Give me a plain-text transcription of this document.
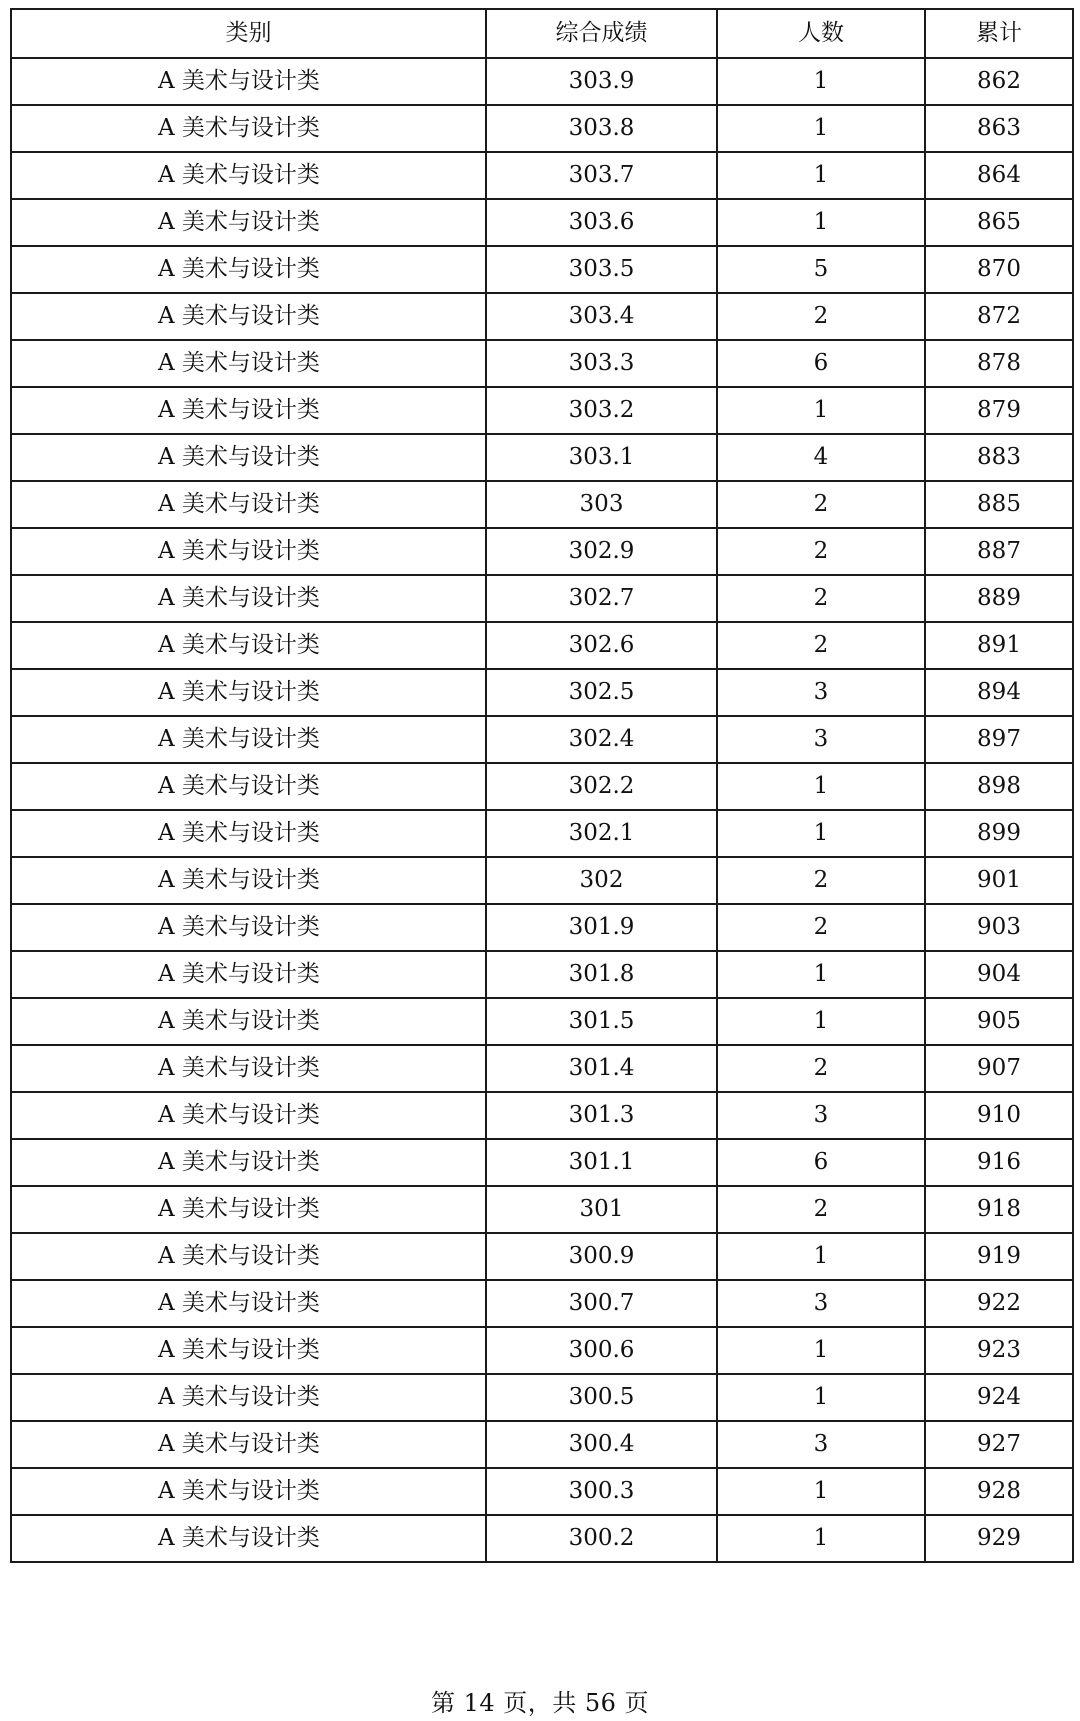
类别	综合成绩	人数	累计
A 美术与设计类	303.9	1	862
A 美术与设计类	303.8	1	863
A 美术与设计类	303.7	1	864
A 美术与设计类	303.6	1	865
A 美术与设计类	303.5	5	870
A 美术与设计类	303.4	2	872
A 美术与设计类	303.3	6	878
A 美术与设计类	303.2	1	879
A 美术与设计类	303.1	4	883
A 美术与设计类	303	2	885
A 美术与设计类	302.9	2	887
A 美术与设计类	302.7	2	889
A 美术与设计类	302.6	2	891
A 美术与设计类	302.5	3	894
A 美术与设计类	302.4	3	897
A 美术与设计类	302.2	1	898
A 美术与设计类	302.1	1	899
A 美术与设计类	302	2	901
A 美术与设计类	301.9	2	903
A 美术与设计类	301.8	1	904
A 美术与设计类	301.5	1	905
A 美术与设计类	301.4	2	907
A 美术与设计类	301.3	3	910
A 美术与设计类	301.1	6	916
A 美术与设计类	301	2	918
A 美术与设计类	300.9	1	919
A 美术与设计类	300.7	3	922
A 美术与设计类	300.6	1	923
A 美术与设计类	300.5	1	924
A 美术与设计类	300.4	3	927
A 美术与设计类	300.3	1	928
A 美术与设计类	300.2	1	929
第 14 页，共 56 页
